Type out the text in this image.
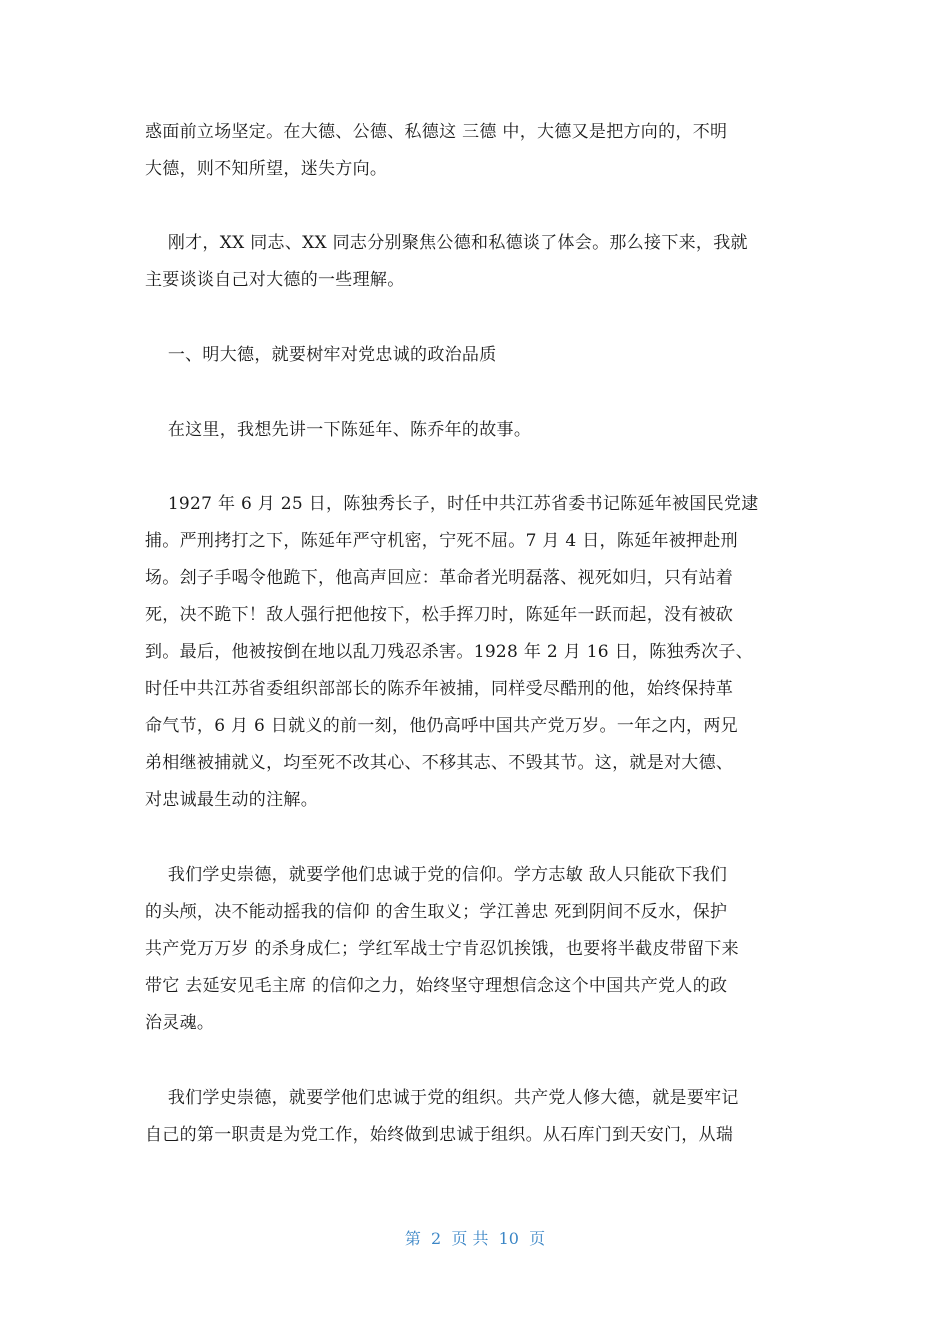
惑面前立场坚定。在大德、公德、私德这 三德 中，大德又是把方向的，不明
大德，则不知所望，迷失方向。
刚才，XX 同志、XX 同志分别聚焦公德和私德谈了体会。那么接下来，我就
主要谈谈自己对大德的一些理解。
一、明大德，就要树牢对党忠诚的政治品质
在这里，我想先讲一下陈延年、陈乔年的故事。
1927 年 6 月 25 日，陈独秀长子，时任中共江苏省委书记陈延年被国民党逮
捕。严刑拷打之下，陈延年严守机密，宁死不屈。7 月 4 日，陈延年被押赴刑
场。刽子手喝令他跪下，他高声回应：革命者光明磊落、视死如归，只有站着
死，决不跪下！敌人强行把他按下，松手挥刀时，陈延年一跃而起，没有被砍
到。最后，他被按倒在地以乱刀残忍杀害。1928 年 2 月 16 日，陈独秀次子、
时任中共江苏省委组织部部长的陈乔年被捕，同样受尽酷刑的他，始终保持革
命气节，6 月 6 日就义的前一刻，他仍高呼中国共产党万岁。一年之内，两兄
弟相继被捕就义，均至死不改其心、不移其志、不毁其节。这，就是对大德、
对忠诚最生动的注解。
我们学史崇德，就要学他们忠诚于党的信仰。学方志敏 敌人只能砍下我们
的头颅，决不能动摇我的信仰 的舍生取义；学江善忠 死到阴间不反水，保护
共产党万万岁 的杀身成仁；学红军战士宁肯忍饥挨饿，也要将半截皮带留下来
带它 去延安见毛主席 的信仰之力，始终坚守理想信念这个中国共产党人的政
治灵魂。
我们学史崇德，就要学他们忠诚于党的组织。共产党人修大德，就是要牢记
自己的第一职责是为党工作，始终做到忠诚于组织。从石库门到天安门，从瑞
第  2  页 共  10  页
